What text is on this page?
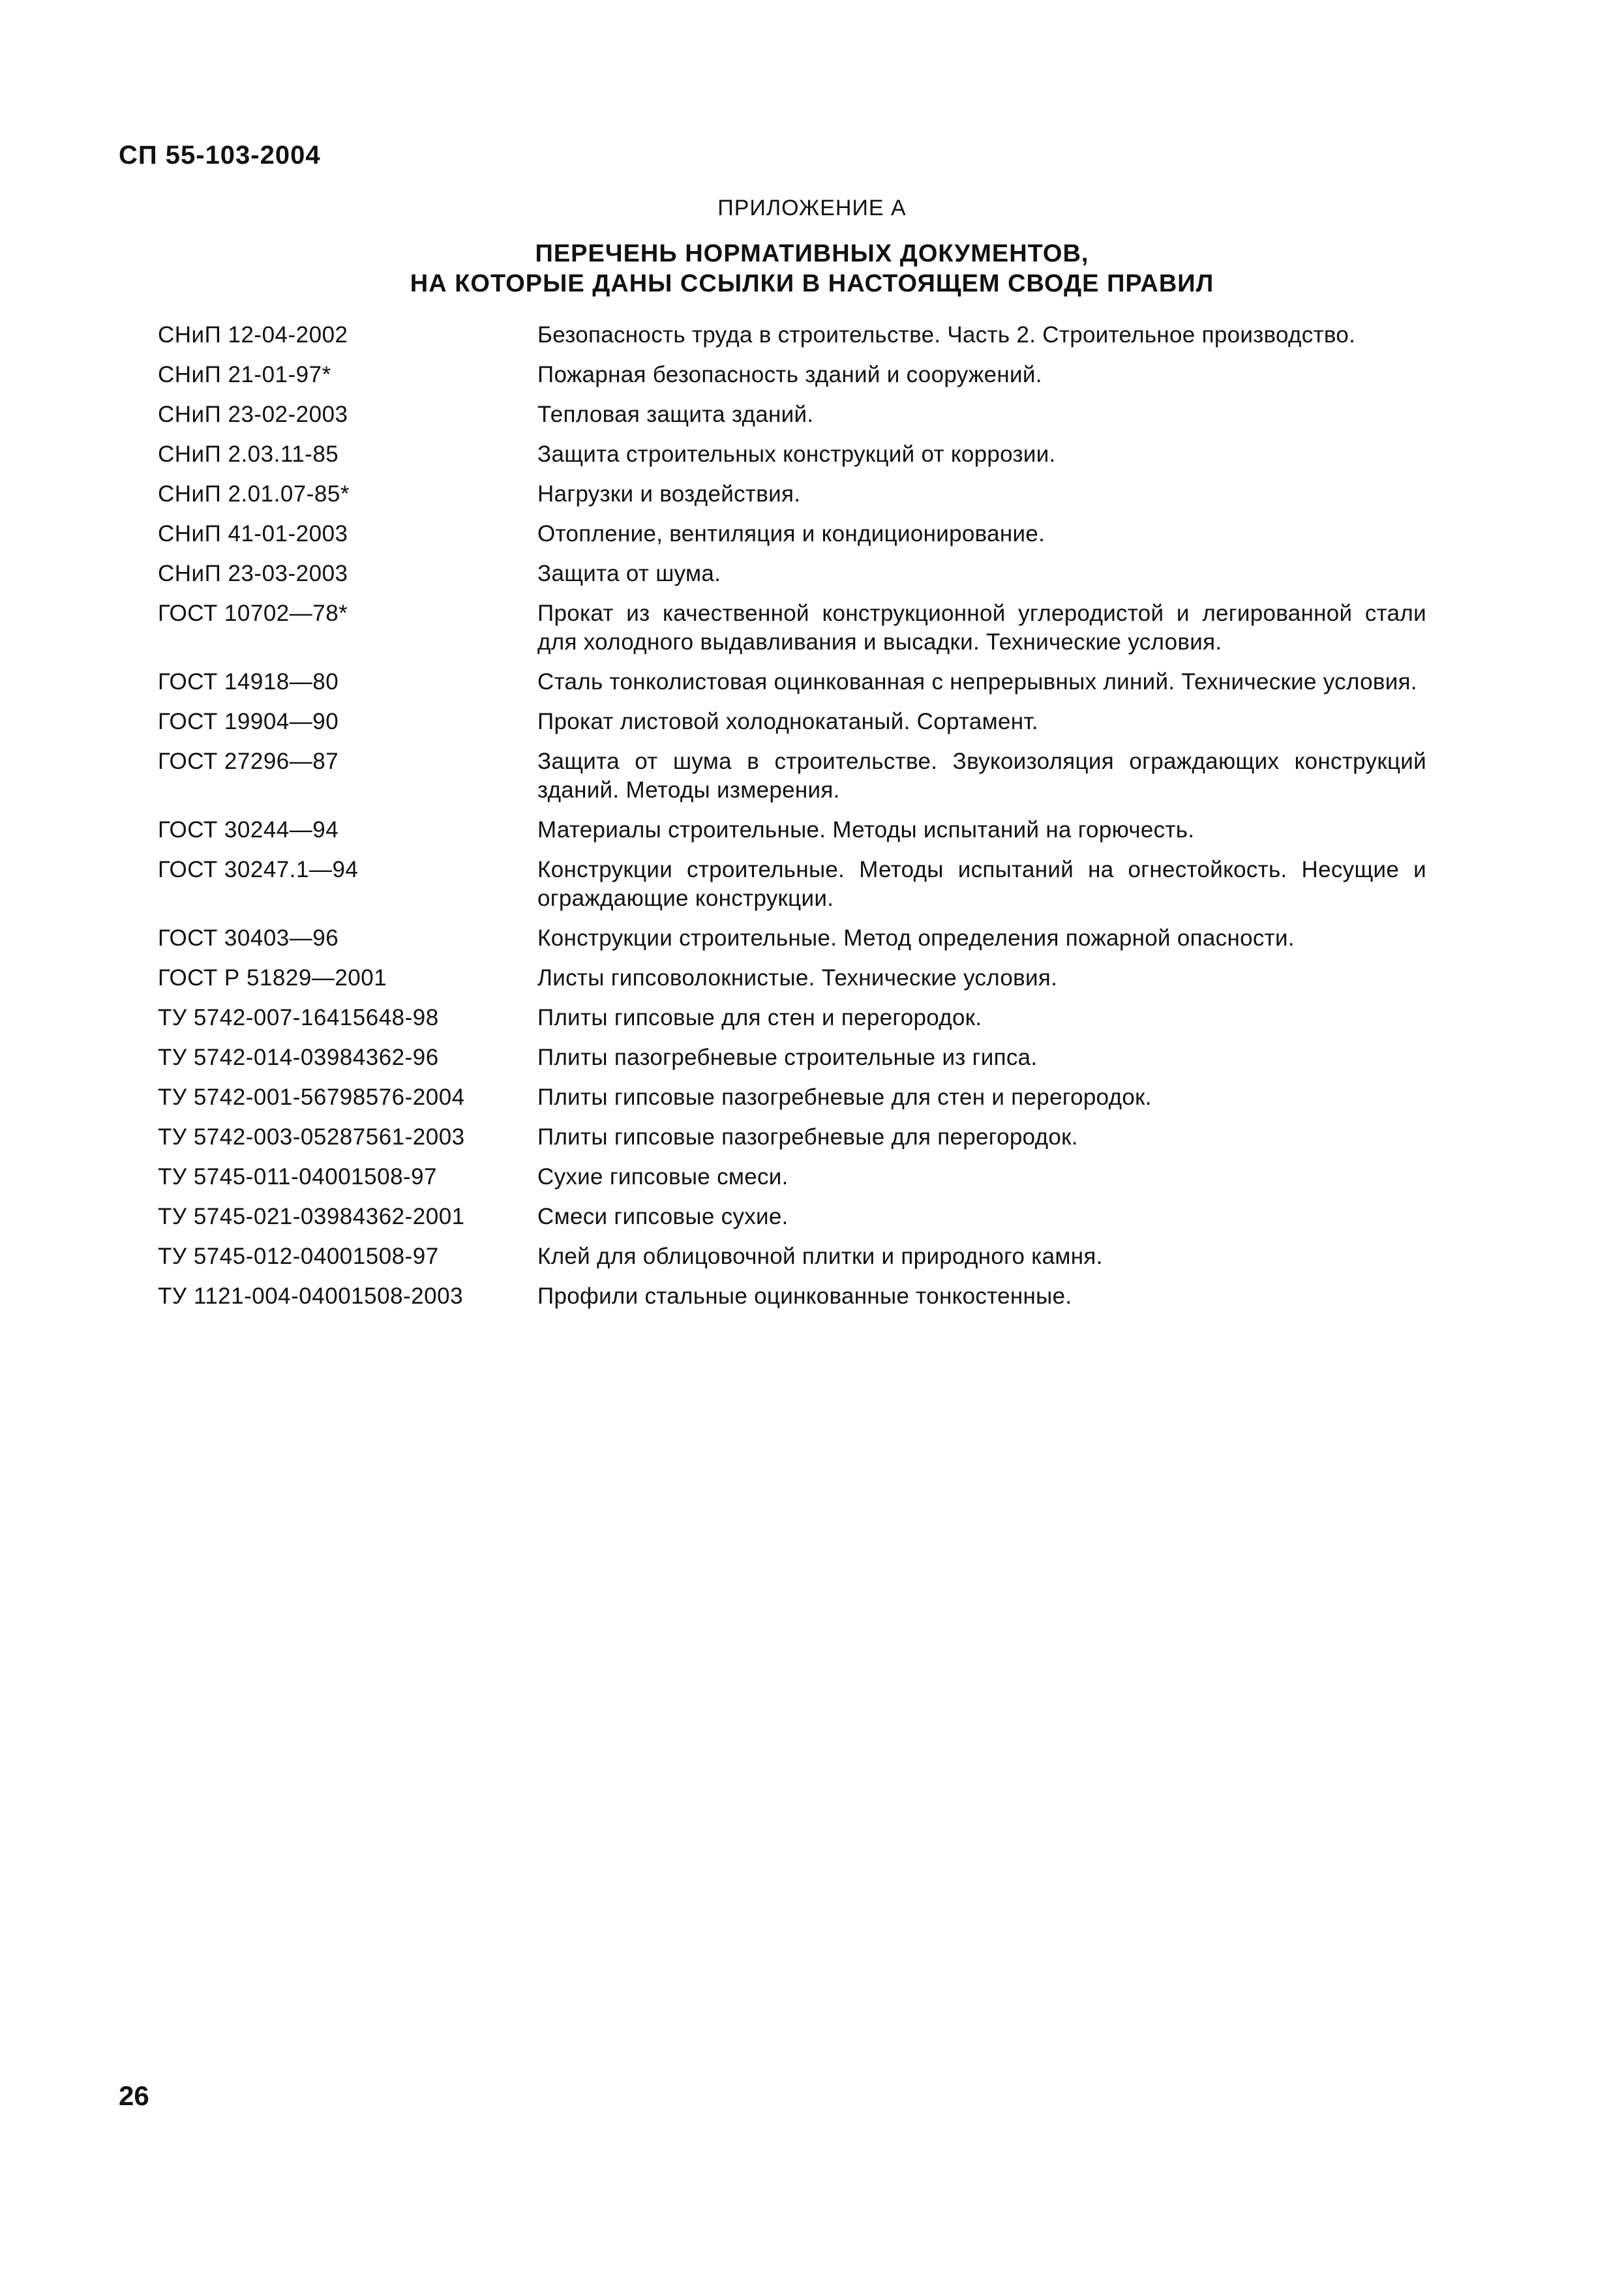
СП 55-103-2004
ПРИЛОЖЕНИЕ А
ПЕРЕЧЕНЬ НОРМАТИВНЫХ ДОКУМЕНТОВ,
НА КОТОРЫЕ ДАНЫ ССЫЛКИ В НАСТОЯЩЕМ СВОДЕ ПРАВИЛ
СНиП 12-04-2002	Безопасность труда в строительстве. Часть 2. Строительное производство.
СНиП 21-01-97*	Пожарная безопасность зданий и сооружений.
СНиП 23-02-2003	Тепловая защита зданий.
СНиП 2.03.11-85	Защита строительных конструкций от коррозии.
СНиП 2.01.07-85*	Нагрузки и воздействия.
СНиП 41-01-2003	Отопление, вентиляция и кондиционирование.
СНиП 23-03-2003	Защита от шума.
ГОСТ 10702—78*	Прокат из качественной конструкционной углеродистой и легированной стали для холодного выдавливания и высадки. Технические условия.
ГОСТ 14918—80	Сталь тонколистовая оцинкованная с непрерывных линий. Технические условия.
ГОСТ 19904—90	Прокат листовой холоднокатаный. Сортамент.
ГОСТ 27296—87	Защита от шума в строительстве. Звукоизоляция ограждающих конструкций зданий. Методы измерения.
ГОСТ 30244—94	Материалы строительные. Методы испытаний на горючесть.
ГОСТ 30247.1—94	Конструкции строительные. Методы испытаний на огнестойкость. Несущие и ограждающие конструкции.
ГОСТ 30403—96	Конструкции строительные. Метод определения пожарной опасности.
ГОСТ Р 51829—2001	Листы гипсоволокнистые. Технические условия.
ТУ 5742-007-16415648-98	Плиты гипсовые для стен и перегородок.
ТУ 5742-014-03984362-96	Плиты пазогребневые строительные из гипса.
ТУ 5742-001-56798576-2004	Плиты гипсовые пазогребневые для стен и перегородок.
ТУ 5742-003-05287561-2003	Плиты гипсовые пазогребневые для перегородок.
ТУ 5745-011-04001508-97	Сухие гипсовые смеси.
ТУ 5745-021-03984362-2001	Смеси гипсовые сухие.
ТУ 5745-012-04001508-97	Клей для облицовочной плитки и природного камня.
ТУ 1121-004-04001508-2003	Профили стальные оцинкованные тонкостенные.
26
